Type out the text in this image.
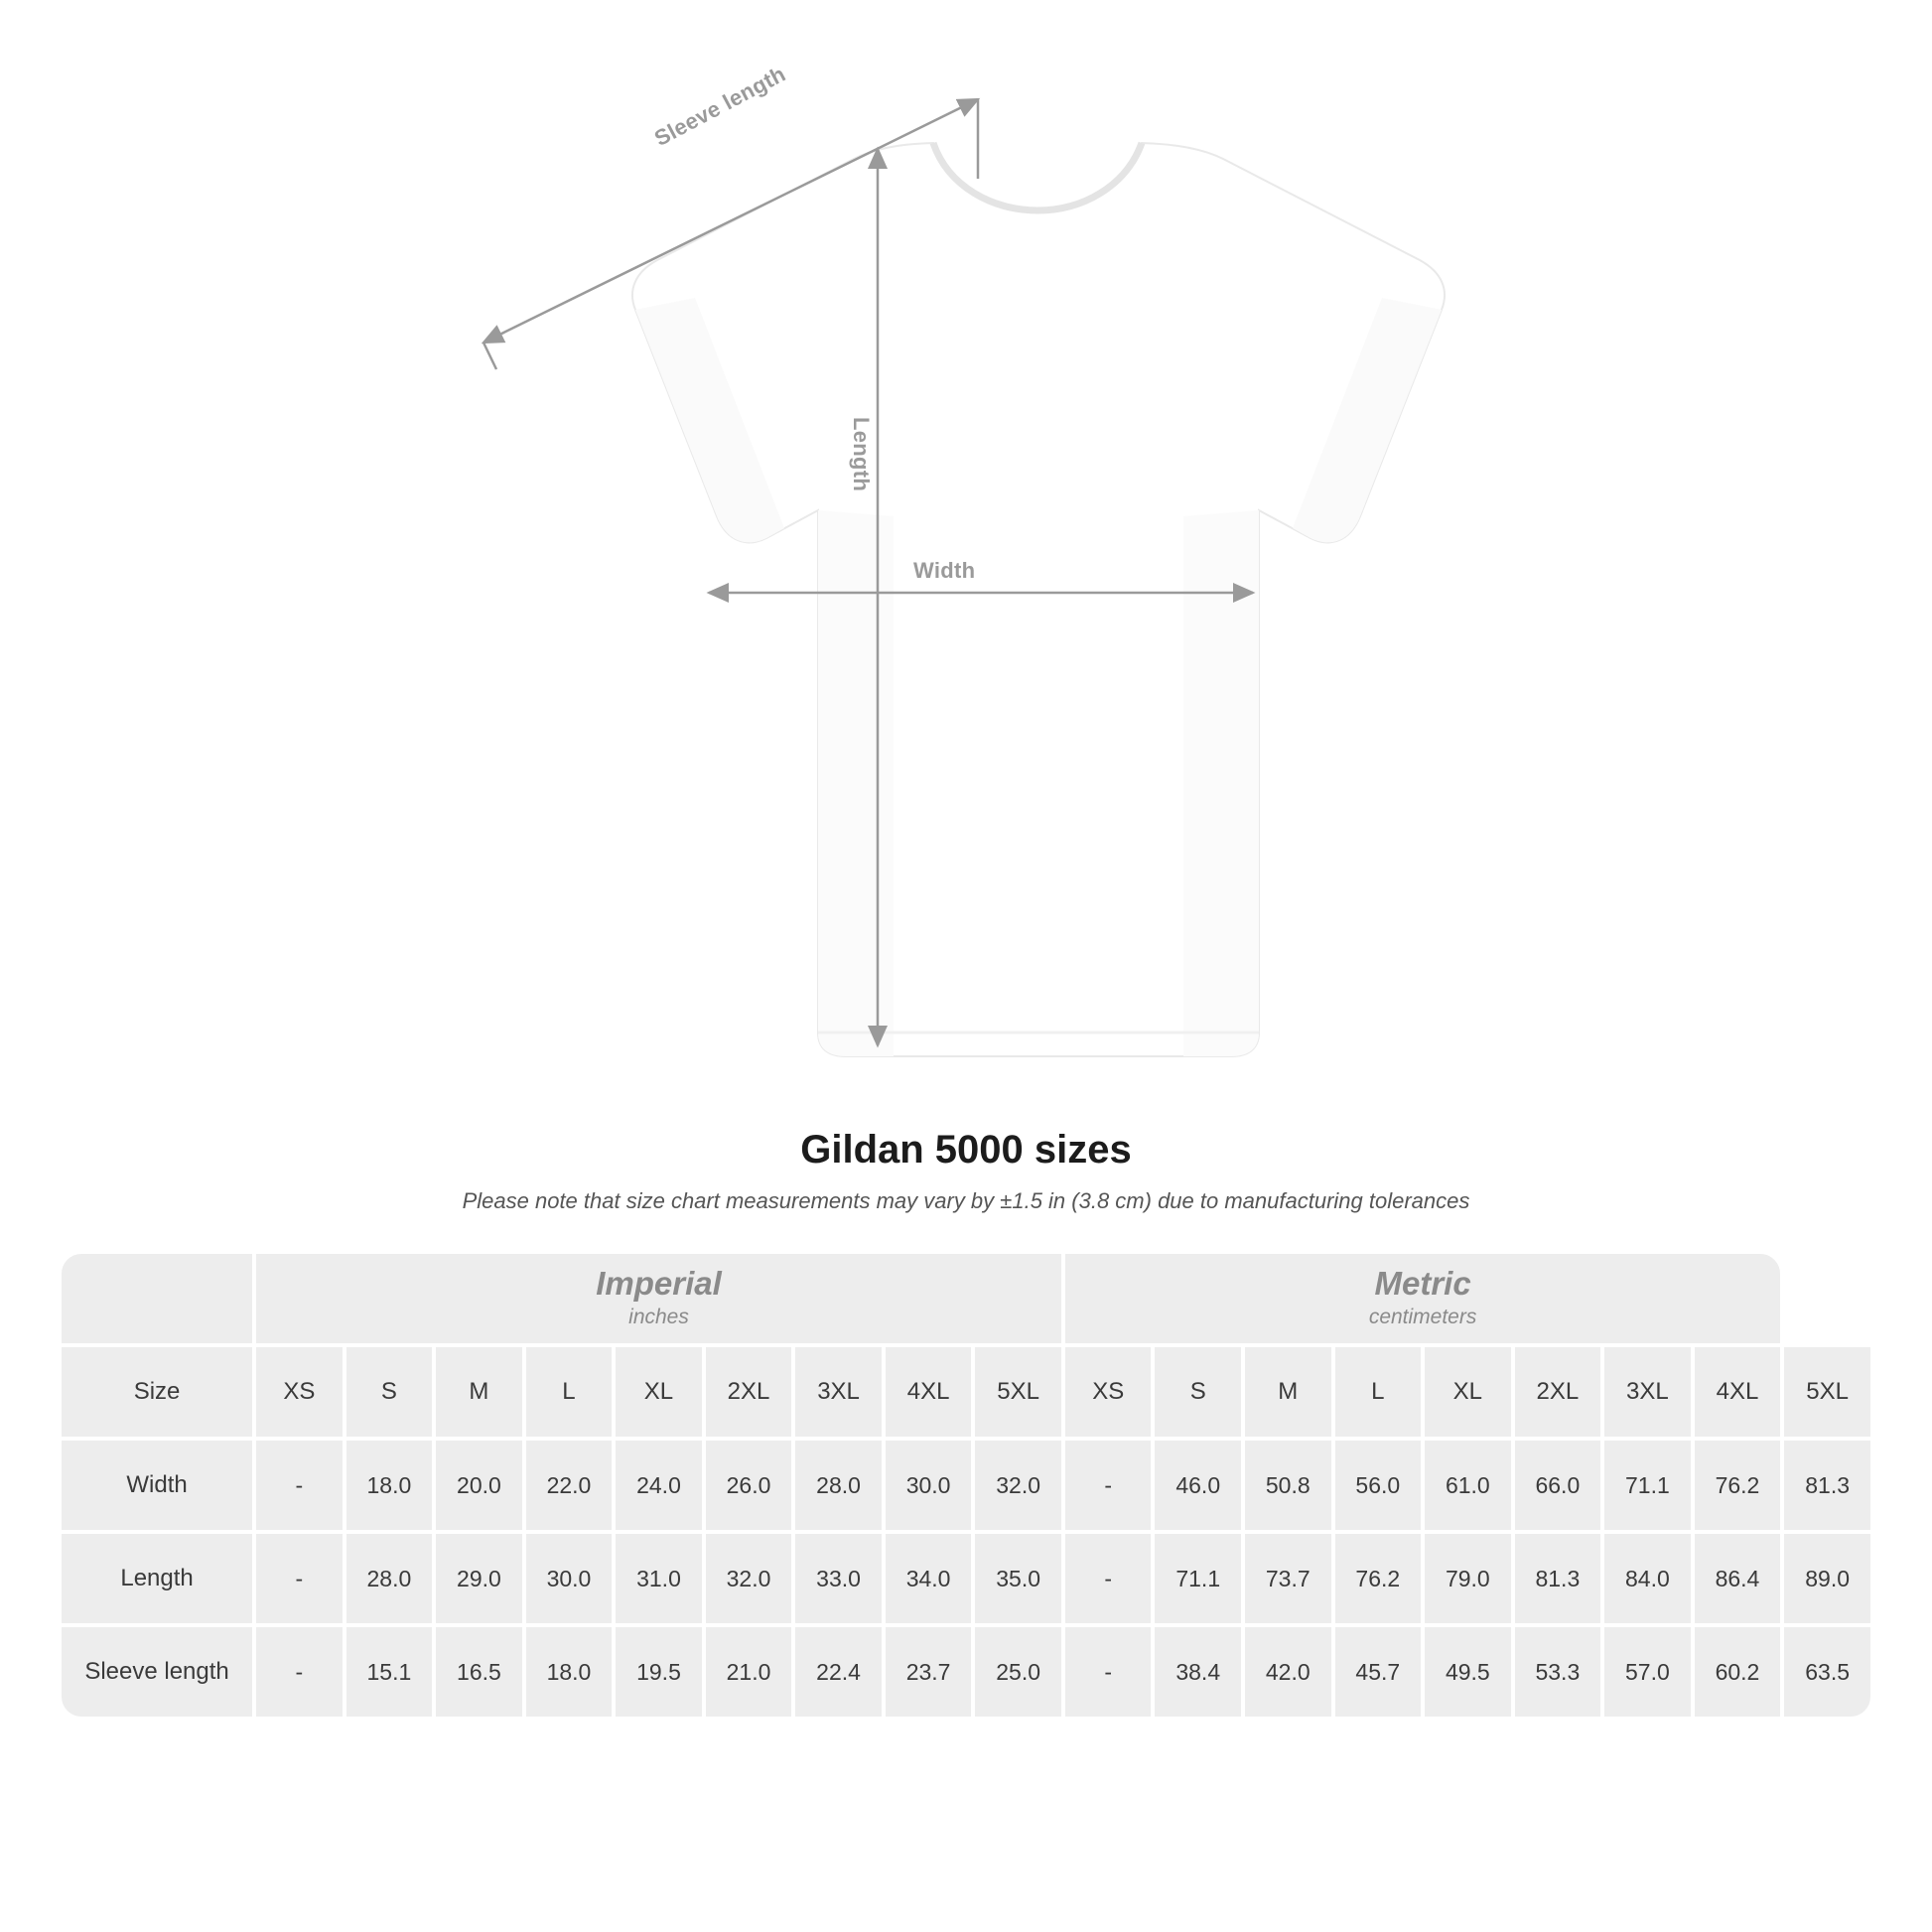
Width
Length
Sleeve length
Gildan 5000 sizes

Please note that size chart measurements may vary by ±1.5 in (3.8 cm) due to manufacturing tolerances

Imperial
inches

Metric
centimeters

Size	XS	S	M	L	XL	2XL	3XL	4XL	5XL	XS	S	M	L	XL	2XL	3XL	4XL	5XL
Width	-	18.0	20.0	22.0	24.0	26.0	28.0	30.0	32.0	-	46.0	50.8	56.0	61.0	66.0	71.1	76.2	81.3
Length	-	28.0	29.0	30.0	31.0	32.0	33.0	34.0	35.0	-	71.1	73.7	76.2	79.0	81.3	84.0	86.4	89.0
Sleeve length	-	15.1	16.5	18.0	19.5	21.0	22.4	23.7	25.0	-	38.4	42.0	45.7	49.5	53.3	57.0	60.2	63.5
